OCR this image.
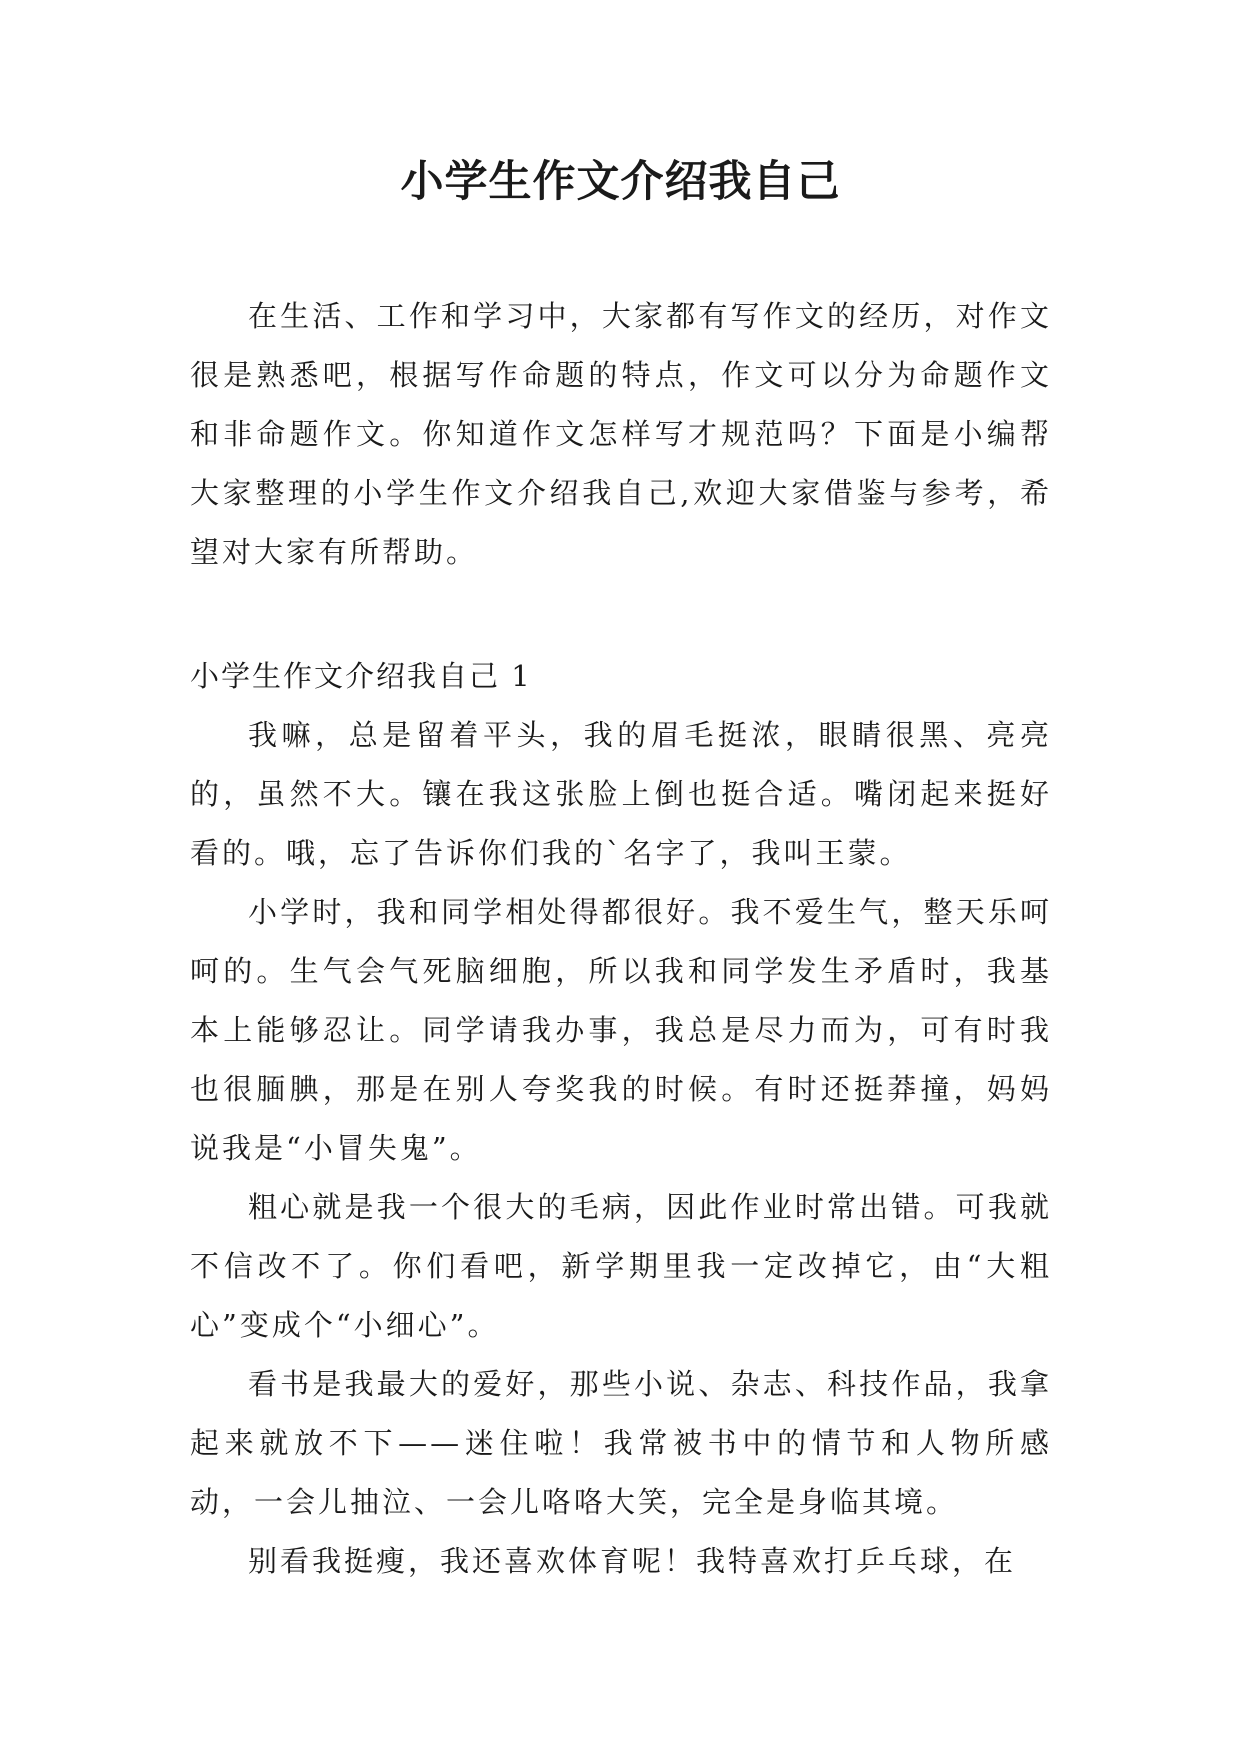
小学生作文介绍我自己

在生活、工作和学习中，大家都有写作文的经历，对作文很是熟悉吧，根据写作命题的特点，作文可以分为命题作文和非命题作文。你知道作文怎样写才规范吗？下面是小编帮大家整理的小学生作文介绍我自己,欢迎大家借鉴与参考，希望对大家有所帮助。

小学生作文介绍我自己 1

我嘛，总是留着平头，我的眉毛挺浓，眼睛很黑、亮亮的，虽然不大。镶在我这张脸上倒也挺合适。嘴闭起来挺好看的。哦，忘了告诉你们我的`名字了，我叫王蒙。

小学时，我和同学相处得都很好。我不爱生气，整天乐呵呵的。生气会气死脑细胞，所以我和同学发生矛盾时，我基本上能够忍让。同学请我办事，我总是尽力而为，可有时我也很腼腆，那是在别人夸奖我的时候。有时还挺莽撞，妈妈说我是“小冒失鬼”。

粗心就是我一个很大的毛病，因此作业时常出错。可我就不信改不了。你们看吧，新学期里我一定改掉它，由“大粗心”变成个“小细心”。

看书是我最大的爱好，那些小说、杂志、科技作品，我拿起来就放不下——迷住啦！我常被书中的情节和人物所感动，一会儿抽泣、一会儿咯咯大笑，完全是身临其境。

别看我挺瘦，我还喜欢体育呢！我特喜欢打乒乓球，在
